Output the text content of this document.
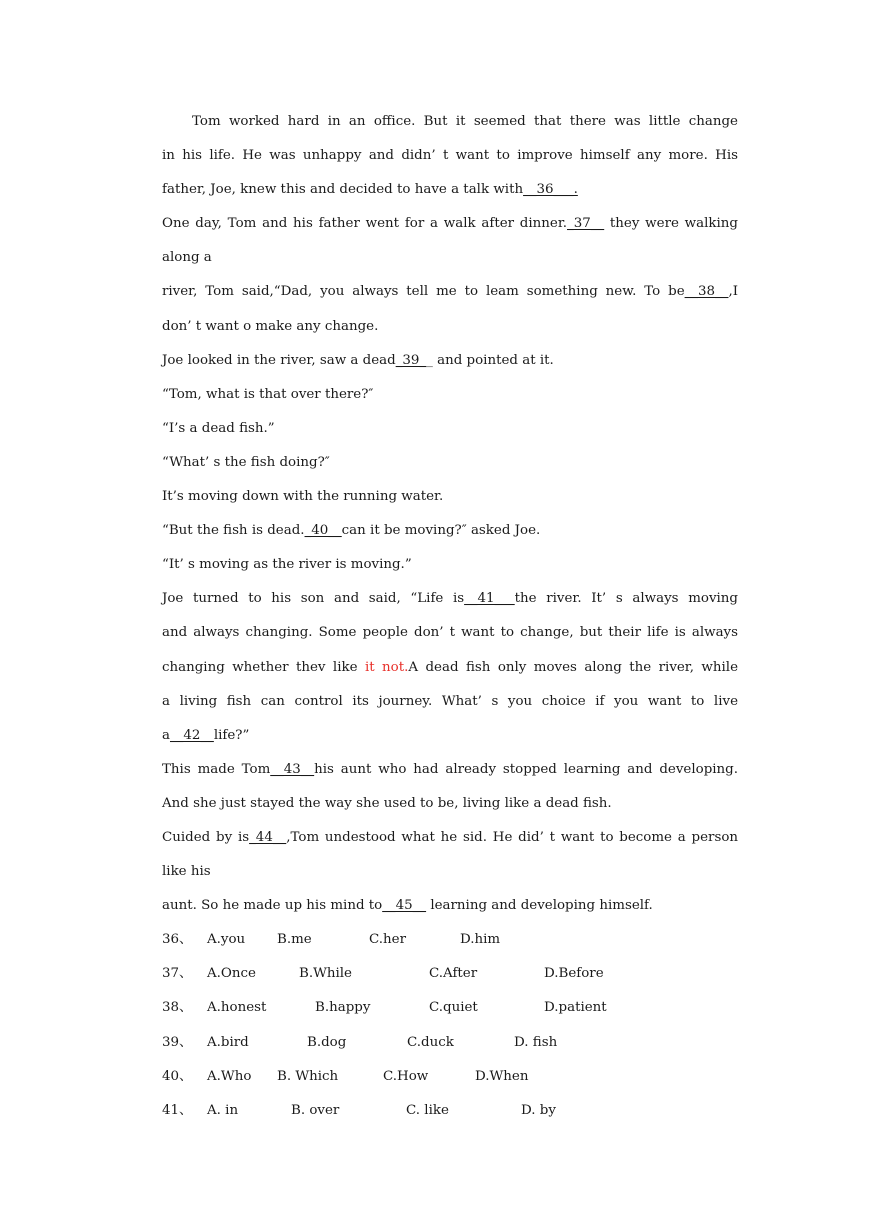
Tom worked hard in an office. But it seemed that there was little change
in his life. He was unhappy and didn’ t want to improve himself any more. His
father, Joe, knew this and decided to have a talk with__36___.
One day, Tom and his father went for a walk after dinner._37__ they were walking
along a
river, Tom said,“Dad, you always tell me to leam something new. To be__38__,I
don’ t want o make any change.
Joe looked in the river, saw a dead_39__ and pointed at it.
“Tom, what is that over there?″
“I’s a dead fish.”
“What’ s the fish doing?″
It’s moving down with the running water.
“But the fish is dead._40__can it be moving?″ asked Joe.
“It’ s moving as the river is moving.”
Joe turned to his son and said, “Life is__41___the river. It’ s always moving
and always changing. Some people don’ t want to change, but their life is always
changing whether thev like it not.A dead fish only moves along the river, while
a living fish can control its journey. What’ s you choice if you want to live
a__42__life?”
This made Tom__43__his aunt who had already stopped learning and developing.
And she just stayed the way she used to be, living like a dead fish.
Cuided by is_44__,Tom undestood what he sid. He did’ t want to become a person
like his
aunt. So he made up his mind to__45__ learning and developing himself.
36、	A.you	B.me	C.her	D.him
37、	A.Once	B.While	C.After	D.Before
38、	A.honest	B.happy	C.quiet	D.patient
39、	A.bird	B.dog	C.duck	D. fish
40、	A.Who	B. Which	C.How	D.When
41、	A. in	B. over	C. like	D. by
